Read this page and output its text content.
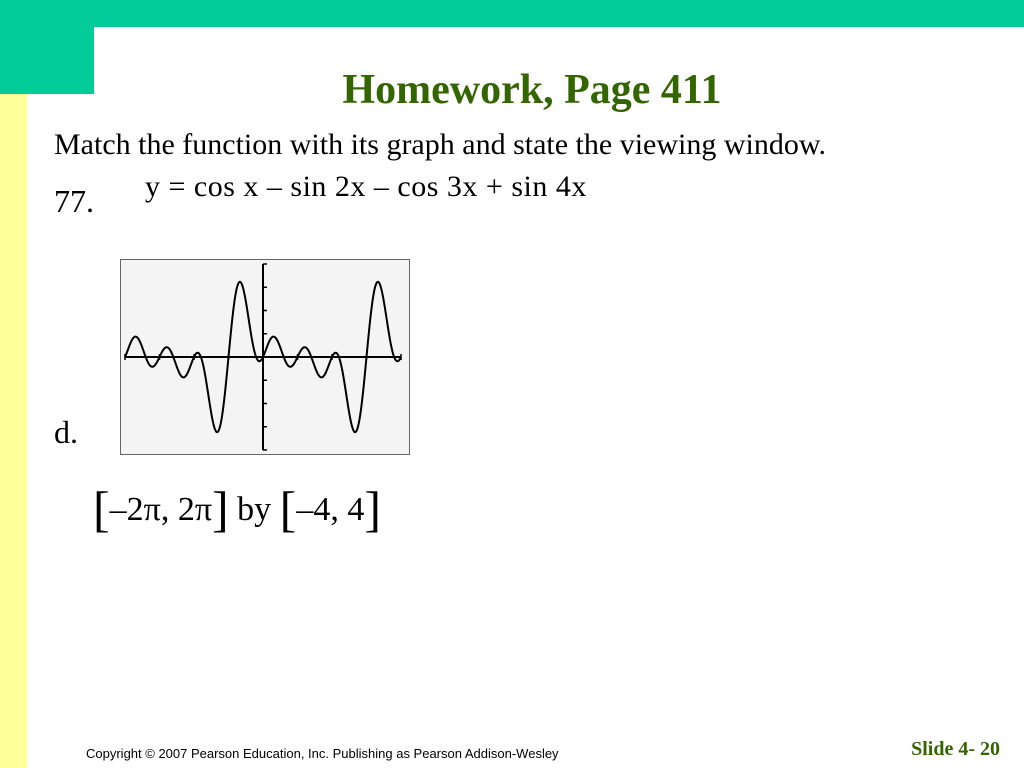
Homework, Page 411
Match the function with its graph and state the viewing window.
77. y = cos x – sin 2x – cos 3x + sin 4x
d.
[–2π, 2π] by [–4, 4]
Copyright © 2007 Pearson Education, Inc. Publishing as Pearson Addison-Wesley	Slide 4- 20
